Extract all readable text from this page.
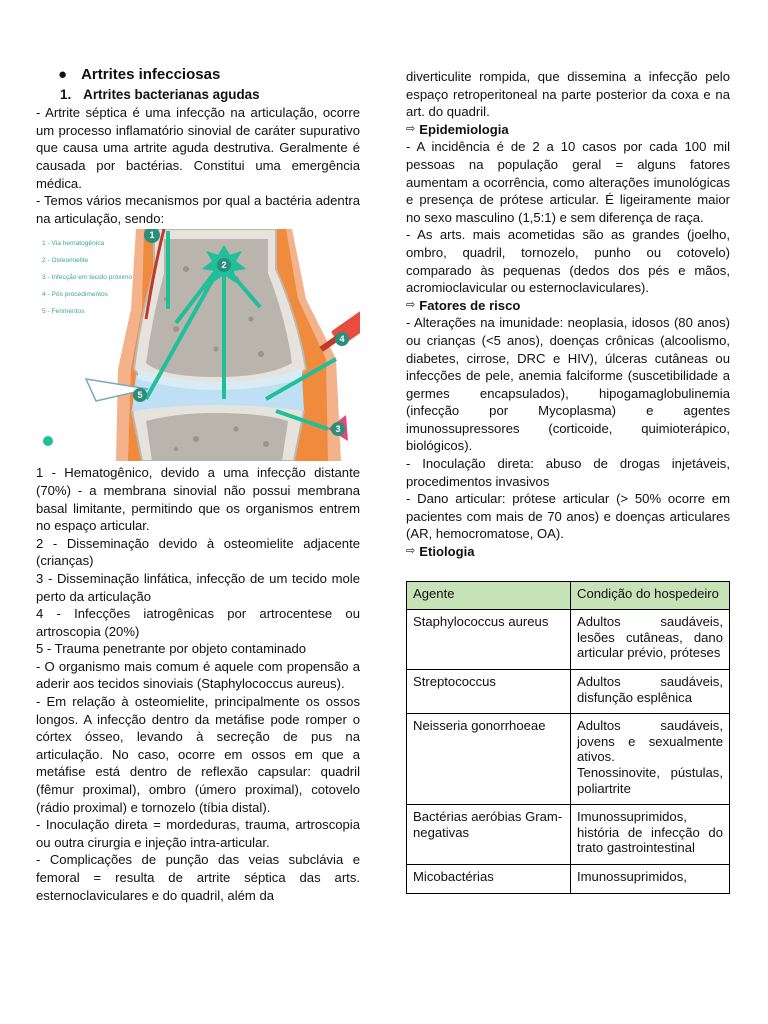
● Artrites infecciosas
1. Artrites bacterianas agudas

- Artrite séptica é uma infecção na articulação, ocorre um processo inflamatório sinovial de caráter supurativo que causa uma artrite aguda destrutiva. Geralmente é causada por bactérias. Constitui uma emergência médica.

- Temos vários mecanismos por qual a bactéria adentra na articulação, sendo:

1
2
3
4
5
1 - Via hematogênica
2 - Osteomielite
3 - Infecção em tecido próximo
4 - Pós procedimentos
5 - Ferimentos

1 - Hematogênico, devido a uma infecção distante (70%) - a membrana sinovial não possui membrana basal limitante, permitindo que os organismos entrem no espaço articular.

2 - Disseminação devido à osteomielite adjacente (crianças)

3 - Disseminação linfática, infecção de um tecido mole perto da articulação

4 - Infecções iatrogênicas por artrocentese ou artroscopia (20%)

5 - Trauma penetrante por objeto contaminado

- O organismo mais comum é aquele com propensão a aderir aos tecidos sinoviais (Staphylococcus aureus).

- Em relação à osteomielite, principalmente os ossos longos. A infecção dentro da metáfise pode romper o córtex ósseo, levando à secreção de pus na articulação. No caso, ocorre em ossos em que a metáfise está dentro de reflexão capsular: quadril (fêmur proximal), ombro (úmero proximal), cotovelo (rádio proximal) e tornozelo (tíbia distal).

- Inoculação direta = mordeduras, trauma, artroscopia ou outra cirurgia e injeção intra-articular.

- Complicações de punção das veias subclávia e femoral = resulta de artrite séptica das arts. esternoclaviculares e do quadril, além da

diverticulite rompida, que dissemina a infecção pelo espaço retroperitoneal na parte posterior da coxa e na art. do quadril.

⇨ Epidemiologia

- A incidência é de 2 a 10 casos por cada 100 mil pessoas na população geral = alguns fatores aumentam a ocorrência, como alterações imunológicas e presença de prótese articular. É ligeiramente maior no sexo masculino (1,5:1) e sem diferença de raça.

- As arts. mais acometidas são as grandes (joelho, ombro, quadril, tornozelo, punho ou cotovelo) comparado às pequenas (dedos dos pés e mãos, acromioclavicular ou esternoclaviculares).

⇨ Fatores de risco

- Alterações na imunidade: neoplasia, idosos (80 anos) ou crianças (<5 anos), doenças crônicas (alcoolismo, diabetes, cirrose, DRC e HIV), úlceras cutâneas ou infecções de pele, anemia falciforme (suscetibilidade a germes encapsulados), hipogamaglobulinemia (infecção por Mycoplasma) e agentes imunossupressores (corticoide, quimioterápico, biológicos).

- Inoculação direta: abuso de drogas injetáveis, procedimentos invasivos

- Dano articular: prótese articular (> 50% ocorre em pacientes com mais de 70 anos) e doenças articulares (AR, hemocromatose, OA).

⇨ Etiologia
Agente	Condição do hospedeiro
Staphylococcus aureus	Adultos saudáveis, lesões cutâneas, dano articular prévio, próteses
Streptococcus	Adultos saudáveis, disfunção esplênica
Neisseria gonorrhoeae	Adultos saudáveis, jovens e sexualmente ativos.
Tenossinovite, pústulas, poliartrite
Bactérias aeróbias Gram-negativas	Imunossuprimidos, história de infecção do trato gastrointestinal
Micobactérias	Imunossuprimidos,
